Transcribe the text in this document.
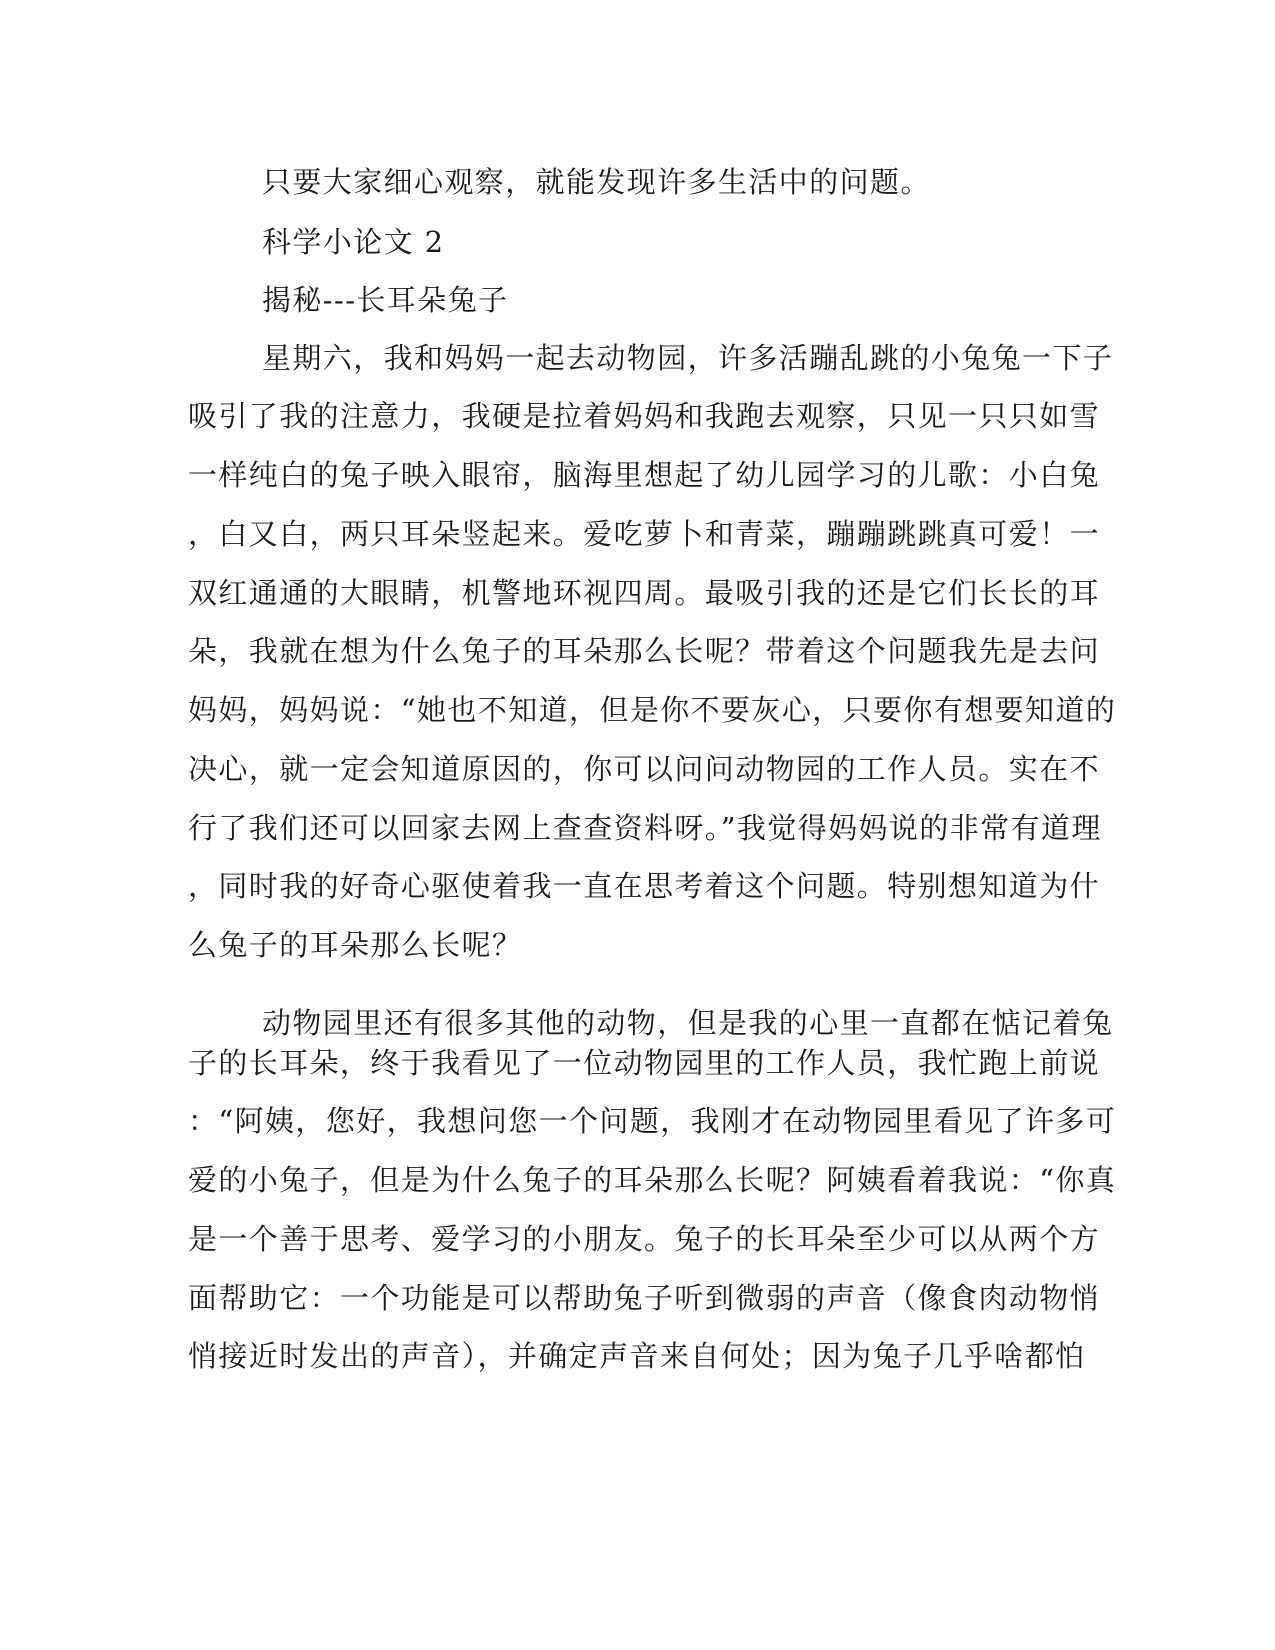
只要大家细心观察，就能发现许多生活中的问题。
科学小论文 2
揭秘---长耳朵兔子
星期六，我和妈妈一起去动物园，许多活蹦乱跳的小兔兔一下子
吸引了我的注意力，我硬是拉着妈妈和我跑去观察，只见一只只如雪
一样纯白的兔子映入眼帘，脑海里想起了幼儿园学习的儿歌：小白兔
，白又白，两只耳朵竖起来。爱吃萝卜和青菜，蹦蹦跳跳真可爱！一
双红通通的大眼睛，机警地环视四周。最吸引我的还是它们长长的耳
朵，我就在想为什么兔子的耳朵那么长呢？带着这个问题我先是去问
妈妈，妈妈说：“她也不知道，但是你不要灰心，只要你有想要知道的
决心，就一定会知道原因的，你可以问问动物园的工作人员。实在不
行了我们还可以回家去网上查查资料呀。”我觉得妈妈说的非常有道理
，同时我的好奇心驱使着我一直在思考着这个问题。特别想知道为什
么兔子的耳朵那么长呢？
动物园里还有很多其他的动物，但是我的心里一直都在惦记着兔
子的长耳朵，终于我看见了一位动物园里的工作人员，我忙跑上前说
：“阿姨，您好，我想问您一个问题，我刚才在动物园里看见了许多可
爱的小兔子，但是为什么兔子的耳朵那么长呢？阿姨看着我说：“你真
是一个善于思考、爱学习的小朋友。兔子的长耳朵至少可以从两个方
面帮助它：一个功能是可以帮助兔子听到微弱的声音（像食肉动物悄
悄接近时发出的声音），并确定声音来自何处；因为兔子几乎啥都怕
